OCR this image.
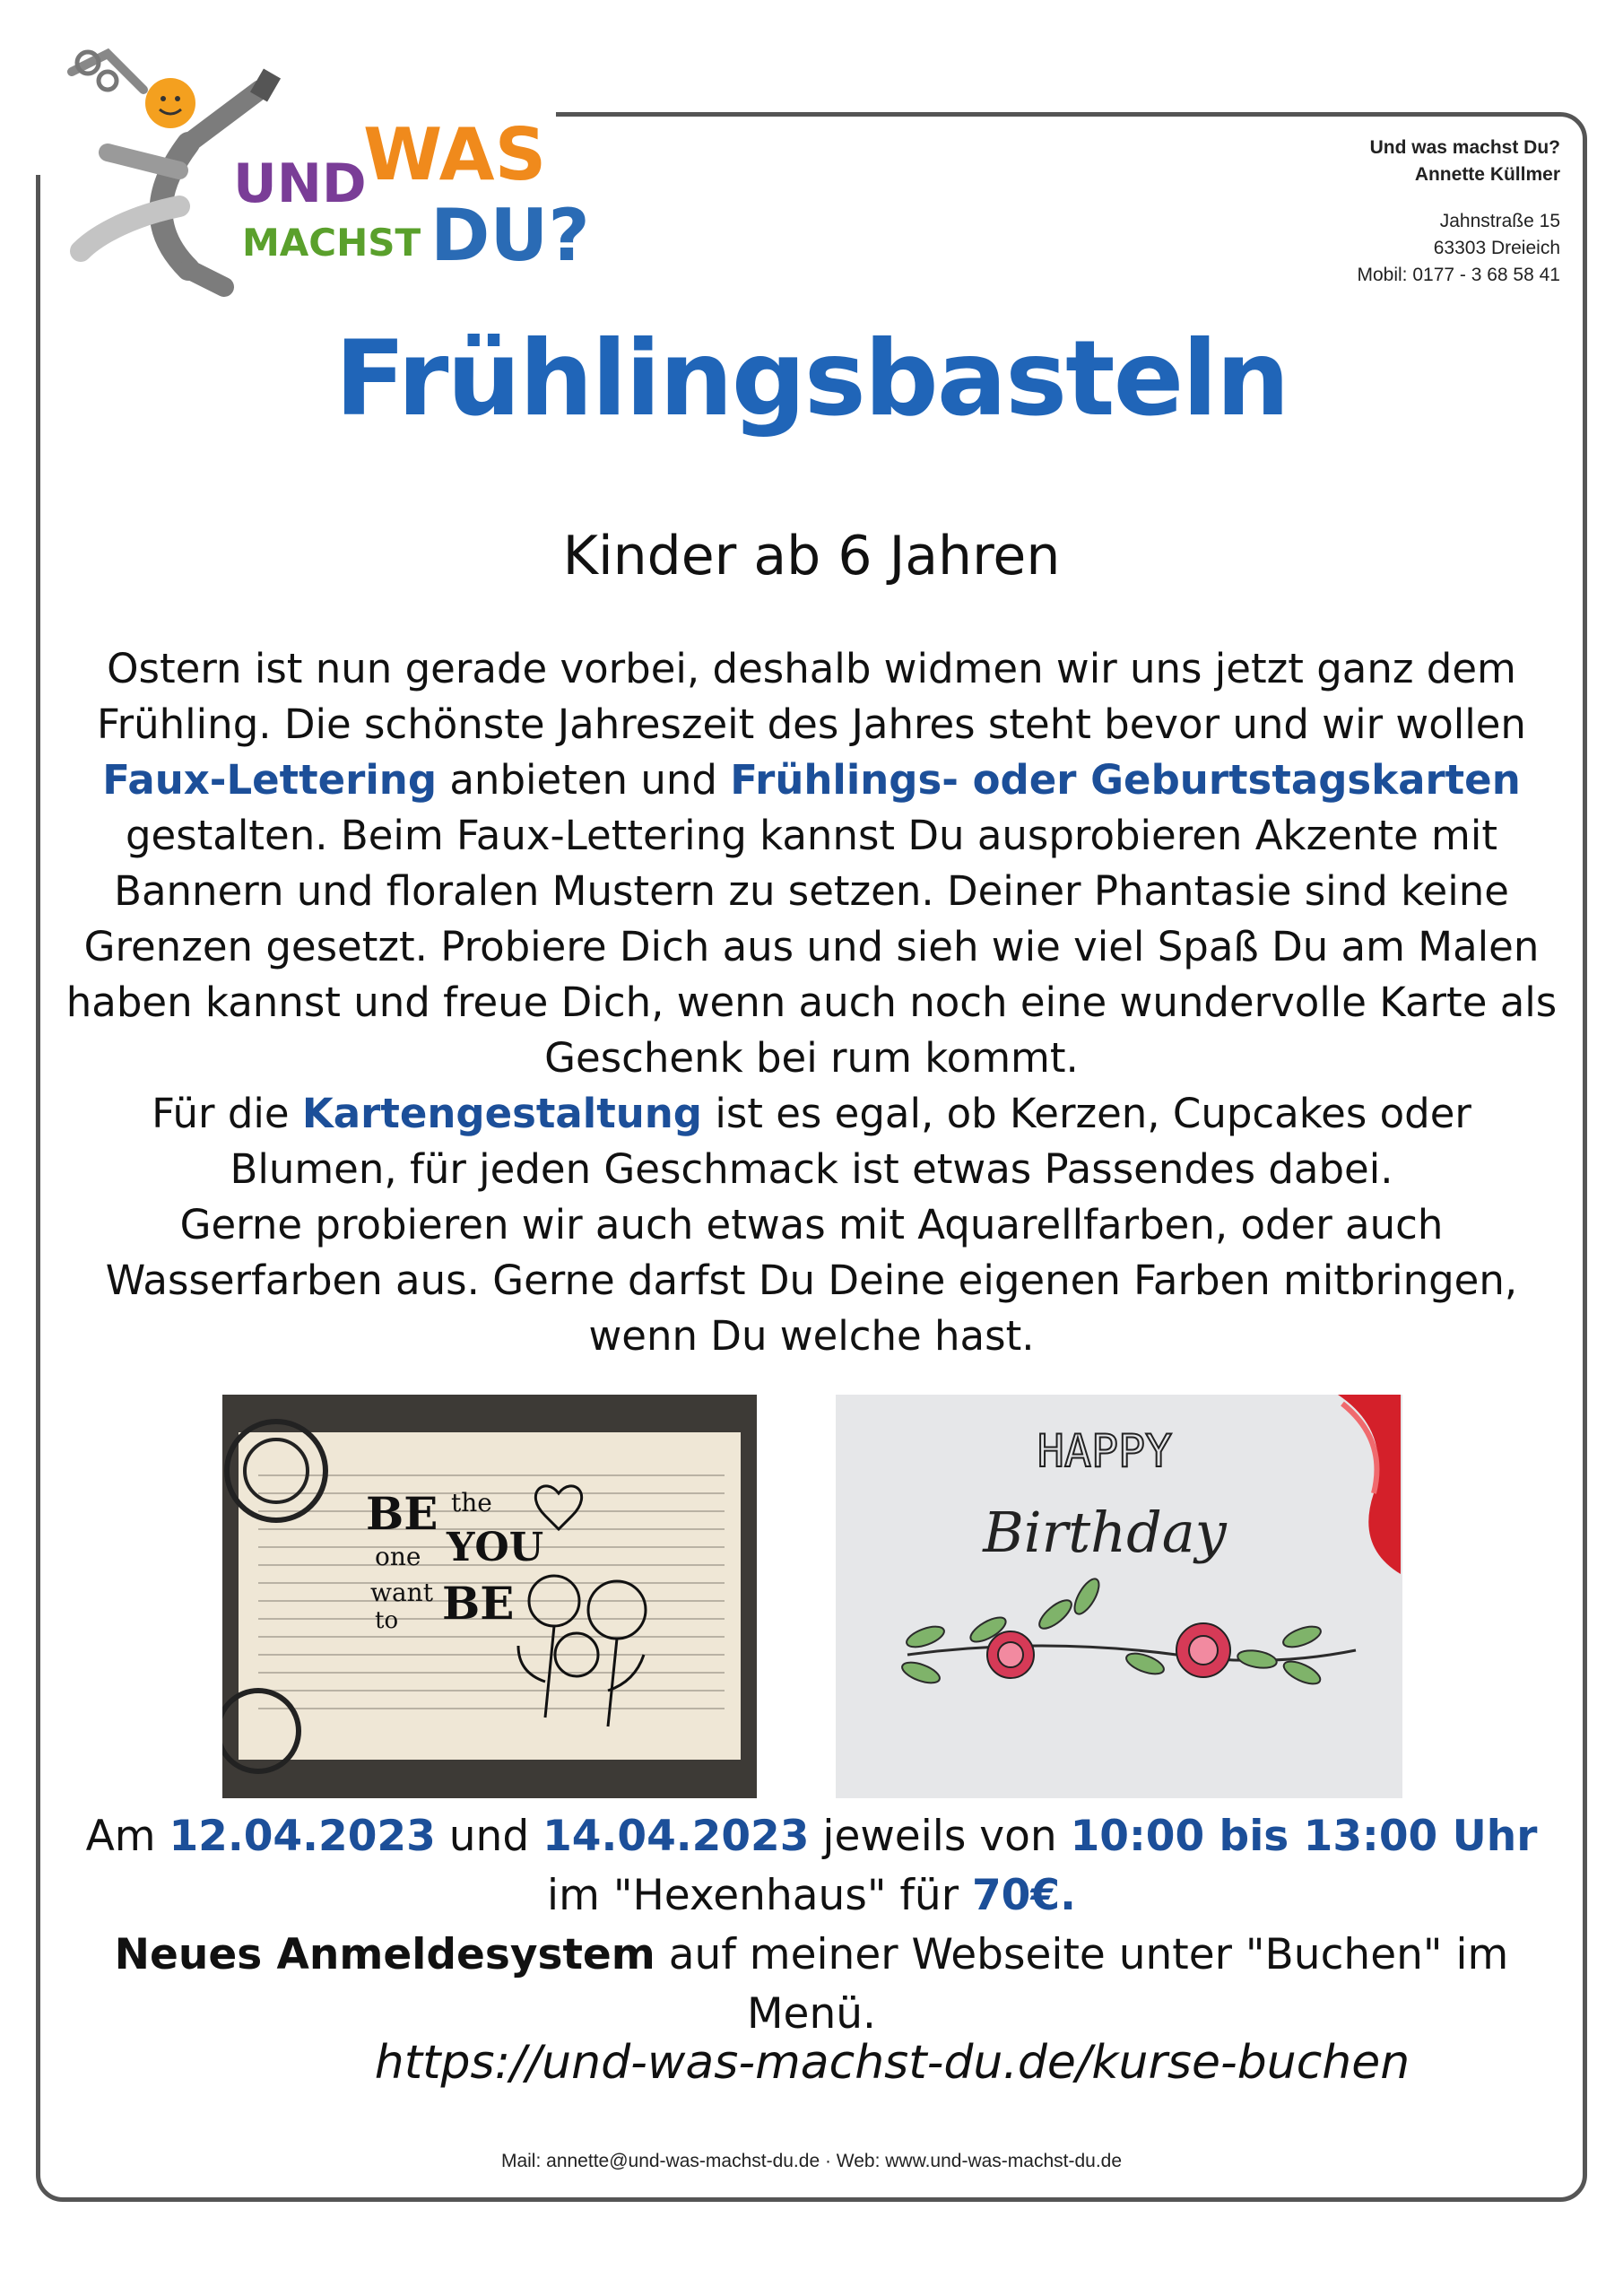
UND
WAS
MACHST DU?
Und was machst Du?
Annette Küllmer
Jahnstraße 15
63303 Dreieich
Mobil: 0177 - 3 68 58 41
Frühlingsbasteln
Kinder ab 6 Jahren

Ostern ist nun gerade vorbei, deshalb widmen wir uns jetzt ganz dem Frühling. Die schönste Jahreszeit des Jahres steht bevor und wir wollen Faux-Lettering anbieten und Frühlings- oder Geburtstagskarten gestalten. Beim Faux-Lettering kannst Du ausprobieren Akzente mit Bannern und floralen Mustern zu setzen. Deiner Phantasie sind keine Grenzen gesetzt. Probiere Dich aus und sieh wie viel Spaß Du am Malen haben kannst und freue Dich, wenn auch noch eine wundervolle Karte als Geschenk bei rum kommt.

Für die Kartengestaltung ist es egal, ob Kerzen, Cupcakes oder Blumen, für jeden Geschmack ist etwas Passendes dabei.

Gerne probieren wir auch etwas mit Aquarellfarben, oder auch Wasserfarben aus. Gerne darfst Du Deine eigenen Farben mitbringen, wenn Du welche hast.

BE the
one YOU
want
to BE
HAPPY
Birthday

Am 12.04.2023 und 14.04.2023 jeweils von 10:00 bis 13:00 Uhr im "Hexenhaus" für 70€.

Neues Anmeldesystem auf meiner Webseite unter "Buchen" im Menü.

https://und-was-machst-du.de/kurse-buchen
Mail: annette@und-was-machst-du.de · Web: www.und-was-machst-du.de
